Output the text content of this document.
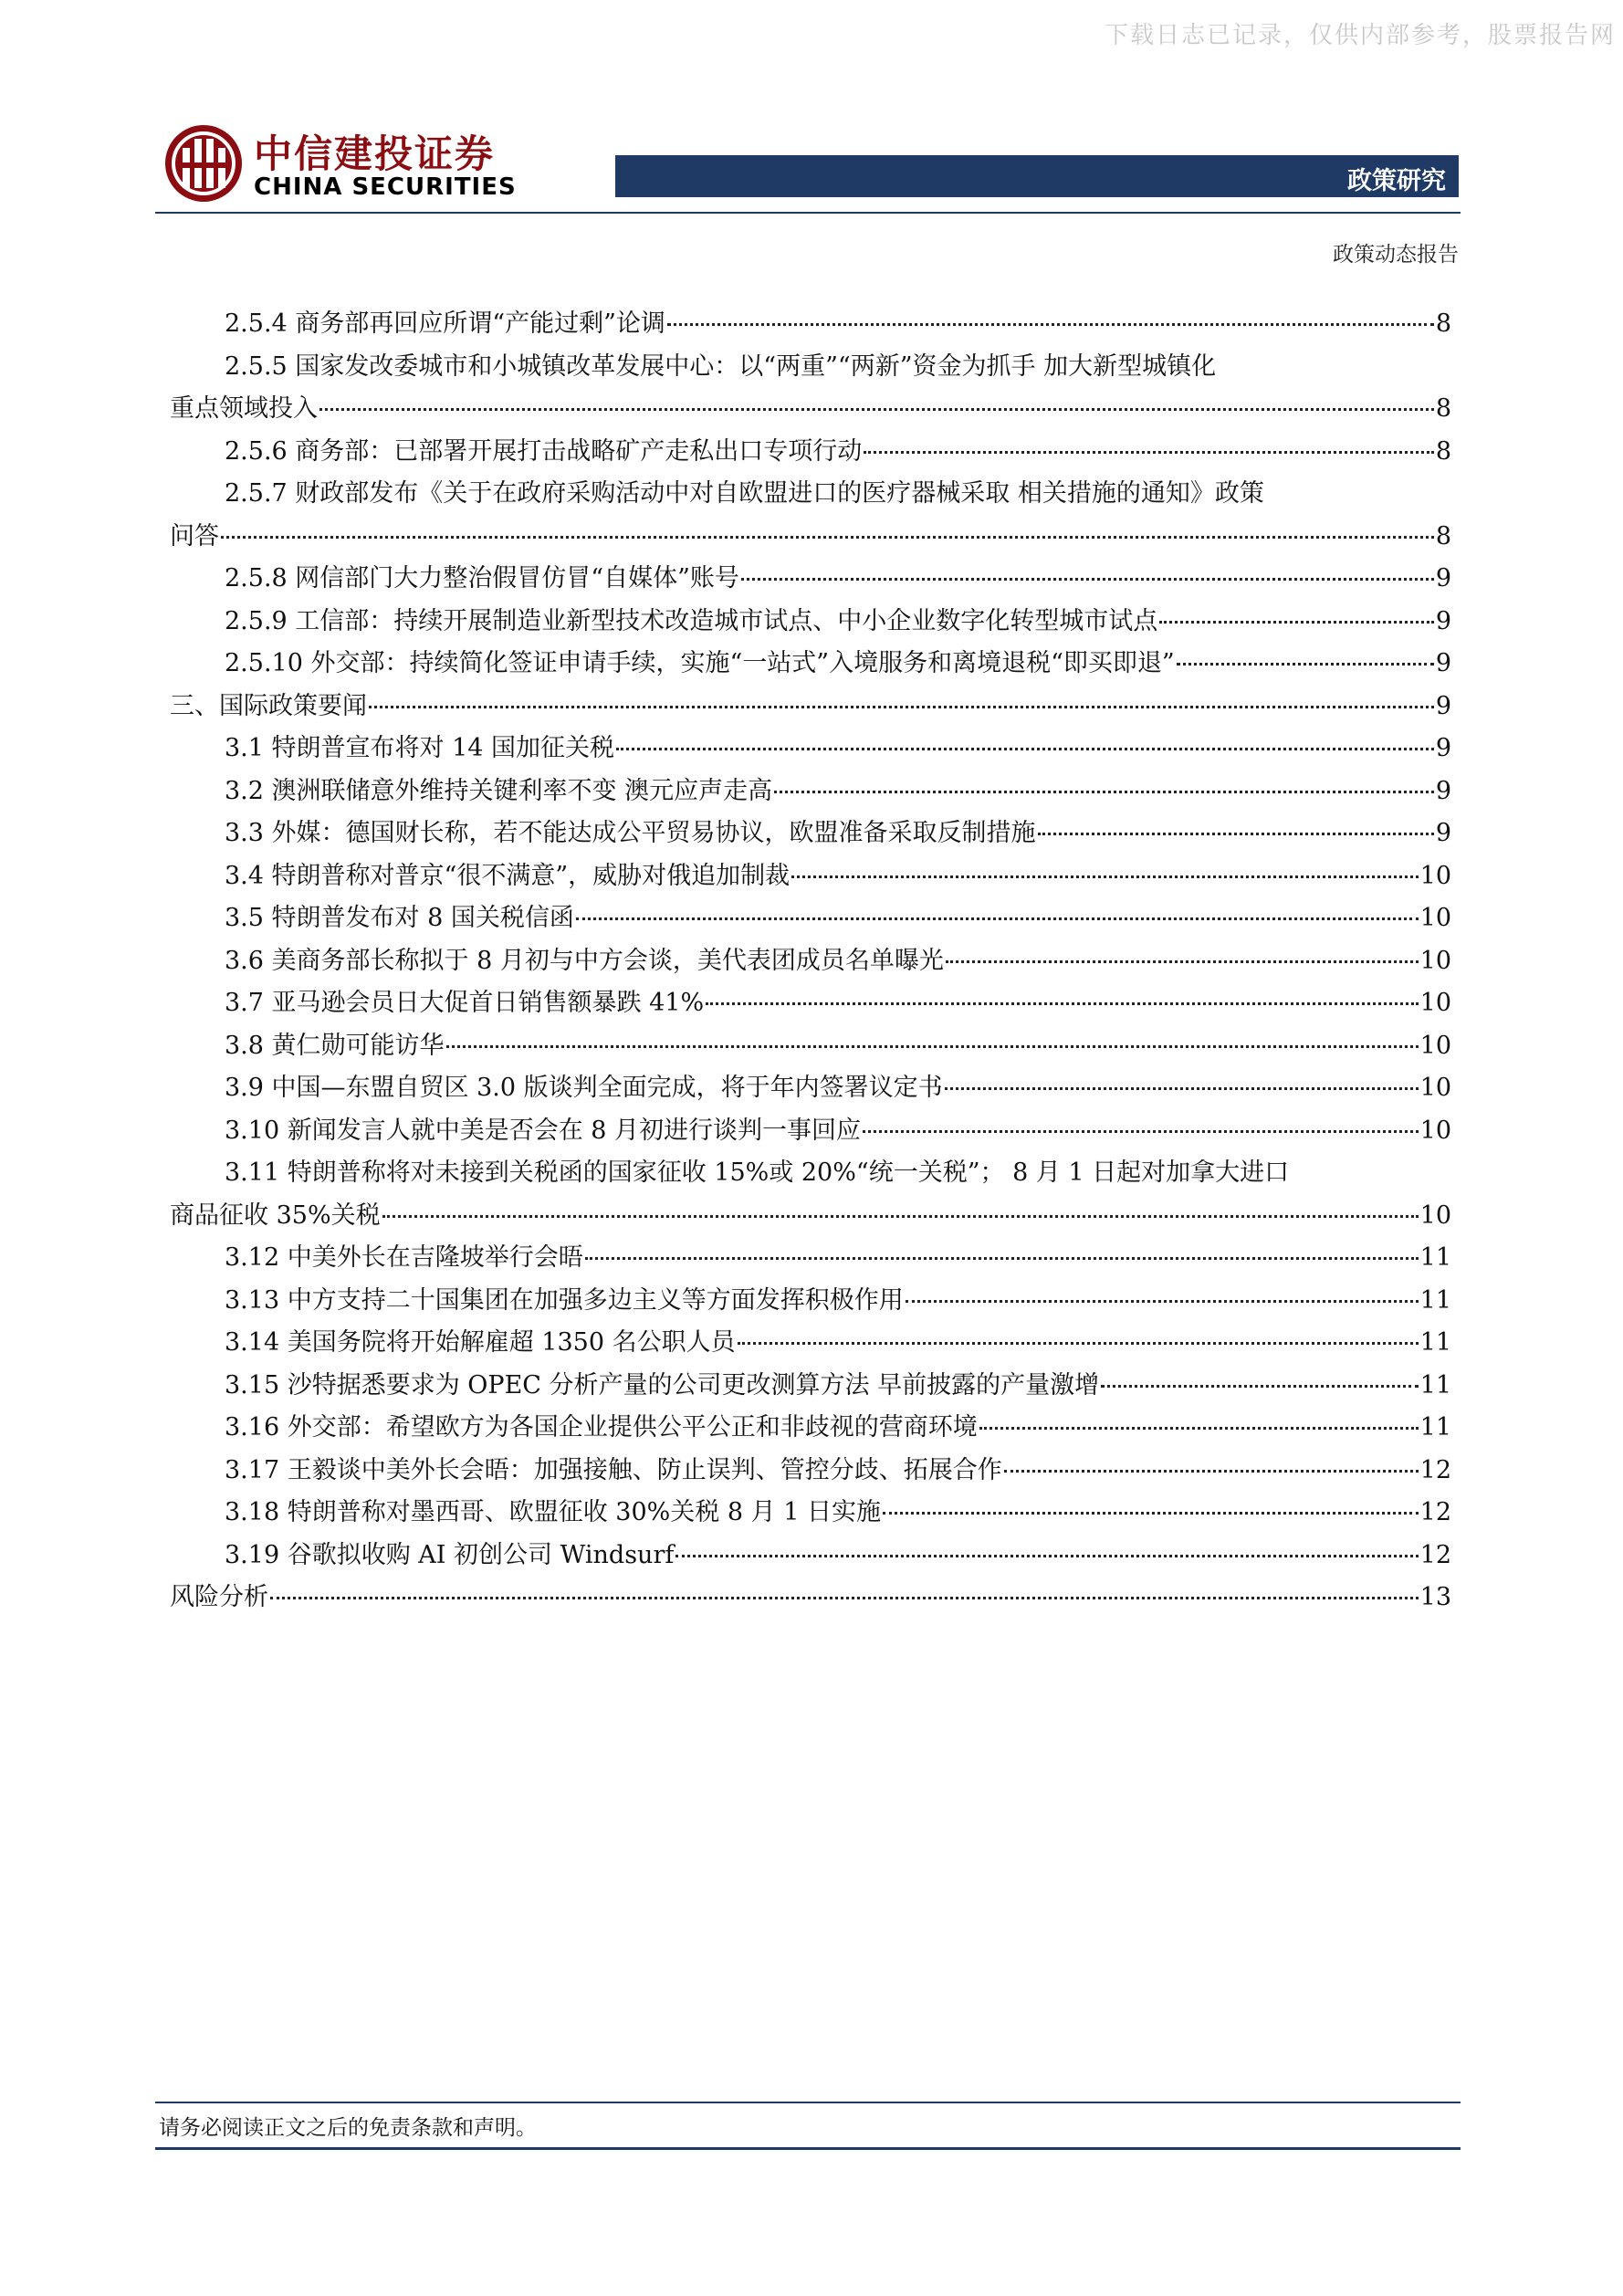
下载日志已记录，仅供内部参考，股票报告网
中信建投证券
CHINA SECURITIES	政策研究
政策动态报告
2.5.4 商务部再回应所谓“产能过剩”论调	8
2.5.5 国家发改委城市和小城镇改革发展中心：以“两重”“两新”资金为抓手 加大新型城镇化
重点领域投入	8
2.5.6 商务部：已部署开展打击战略矿产走私出口专项行动	8
2.5.7 财政部发布《关于在政府采购活动中对自欧盟进口的医疗器械采取 相关措施的通知》政策
问答	8
2.5.8 网信部门大力整治假冒仿冒“自媒体”账号	9
2.5.9 工信部：持续开展制造业新型技术改造城市试点、中小企业数字化转型城市试点	9
2.5.10 外交部：持续简化签证申请手续，实施“一站式”入境服务和离境退税“即买即退”	9
三、国际政策要闻	9
3.1 特朗普宣布将对 14 国加征关税	9
3.2 澳洲联储意外维持关键利率不变 澳元应声走高	9
3.3 外媒：德国财长称，若不能达成公平贸易协议，欧盟准备采取反制措施	9
3.4 特朗普称对普京“很不满意”，威胁对俄追加制裁	10
3.5 特朗普发布对 8 国关税信函	10
3.6 美商务部长称拟于 8 月初与中方会谈，美代表团成员名单曝光	10
3.7 亚马逊会员日大促首日销售额暴跌 41%	10
3.8 黄仁勋可能访华	10
3.9 中国—东盟自贸区 3.0 版谈判全面完成，将于年内签署议定书	10
3.10 新闻发言人就中美是否会在 8 月初进行谈判一事回应	10
3.11 特朗普称将对未接到关税函的国家征收 15%或 20%“统一关税”； 8 月 1 日起对加拿大进口
商品征收 35%关税	10
3.12 中美外长在吉隆坡举行会晤	11
3.13 中方支持二十国集团在加强多边主义等方面发挥积极作用	11
3.14 美国务院将开始解雇超 1350 名公职人员	11
3.15 沙特据悉要求为 OPEC 分析产量的公司更改测算方法 早前披露的产量激增	11
3.16 外交部：希望欧方为各国企业提供公平公正和非歧视的营商环境	11
3.17 王毅谈中美外长会晤：加强接触、防止误判、管控分歧、拓展合作	12
3.18 特朗普称对墨西哥、欧盟征收 30%关税 8 月 1 日实施	12
3.19 谷歌拟收购 AI 初创公司 Windsurf	12
风险分析	13
请务必阅读正文之后的免责条款和声明。
